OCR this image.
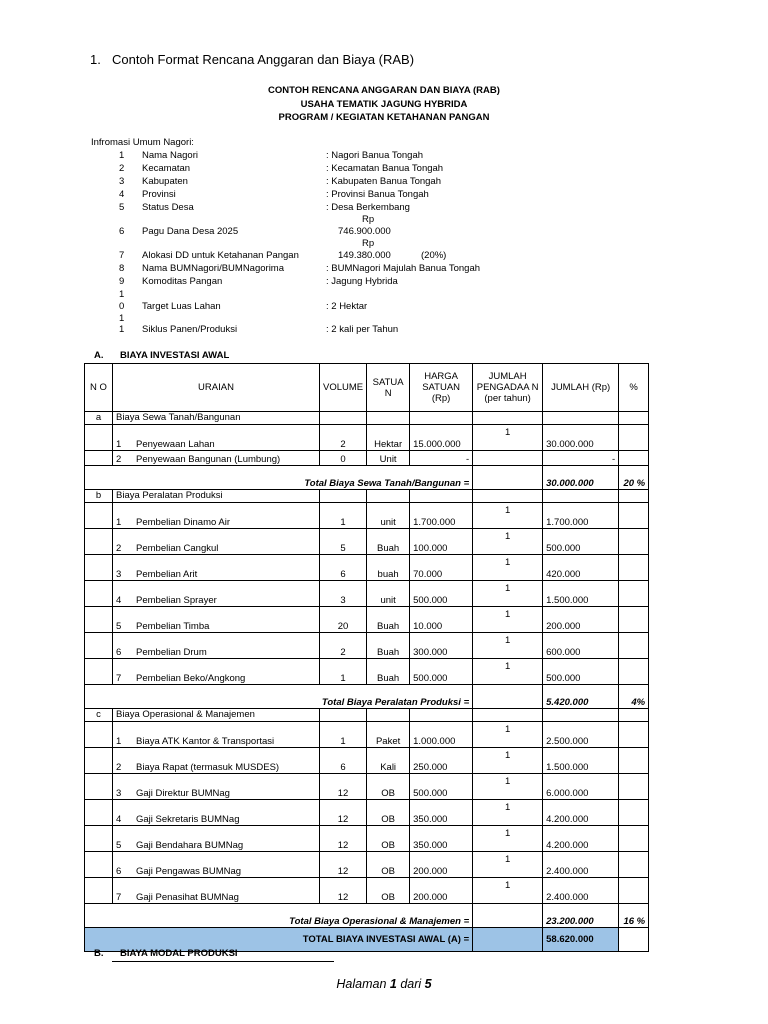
1. Contoh Format Rencana Anggaran dan Biaya (RAB)
CONTOH RENCANA ANGGARAN DAN BIAYA (RAB)
USAHA TEMATIK JAGUNG HYBRIDA
PROGRAM / KEGIATAN KETAHANAN PANGAN
Infromasi Umum Nagori:
1 Nama Nagori	: Nagori Banua Tongah
2 Kecamatan	: Kecamatan Banua Tongah
3 Kabupaten	: Kabupaten Banua Tongah
4 Provinsi	: Provinsi Banua Tongah
5 Status Desa	: Desa Berkembang
Rp
6 Pagu Dana Desa 2025	746.900.000
Rp
7 Alokasi DD untuk Ketahanan Pangan	149.380.000	(20%)
8 Nama BUMNagori/BUMNagorima	: BUMNagori Majulah Banua Tongah
9 Komoditas Pangan	: Jagung Hybrida
1
0 Target Luas Lahan	: 2 Hektar
1
1 Siklus Panen/Produksi	: 2 kali per Tahun
A. BIAYA INVESTASI AWAL
N O	URAIAN	VOLUME	SATUA N	HARGA SATUAN (Rp)	JUMLAH PENGADAA N (per tahun)	JUMLAH (Rp)	%
a	Biaya Sewa Tanah/Bangunan						
	1 Penyewaan Lahan	2	Hektar	15.000.000	1	30.000.000	
	2 Penyewaan Bangunan (Lumbung)	0	Unit	-		-	
Total Biaya Sewa Tanah/Bangunan =						30.000.000	20 %
b	Biaya Peralatan Produksi						
	1 Pembelian Dinamo Air	1	unit	1.700.000	1	1.700.000	
	2 Pembelian Cangkul	5	Buah	100.000	1	500.000	
	3 Pembelian Arit	6	buah	70.000	1	420.000	
	4 Pembelian Sprayer	3	unit	500.000	1	1.500.000	
	5 Pembelian Timba	20	Buah	10.000	1	200.000	
	6 Pembelian Drum	2	Buah	300.000	1	600.000	
	7 Pembelian Beko/Angkong	1	Buah	500.000	1	500.000	
Total Biaya Peralatan Produksi =						5.420.000	4%
c	Biaya Operasional & Manajemen						
	1 Biaya ATK Kantor & Transportasi	1	Paket	1.000.000	1	2.500.000	
	2 Biaya Rapat (termasuk MUSDES)	6	Kali	250.000	1	1.500.000	
	3 Gaji Direktur BUMNag	12	OB	500.000	1	6.000.000	
	4 Gaji Sekretaris BUMNag	12	OB	350.000	1	4.200.000	
	5 Gaji Bendahara BUMNag	12	OB	350.000	1	4.200.000	
	6 Gaji Pengawas BUMNag	12	OB	200.000	1	2.400.000	
	7 Gaji Penasihat BUMNag	12	OB	200.000	1	2.400.000	
Total Biaya Operasional & Manajemen =						23.200.000	16 %
TOTAL BIAYA INVESTASI AWAL (A) =						58.620.000	
B. BIAYA MODAL PRODUKSI
Halaman 1 dari 5
